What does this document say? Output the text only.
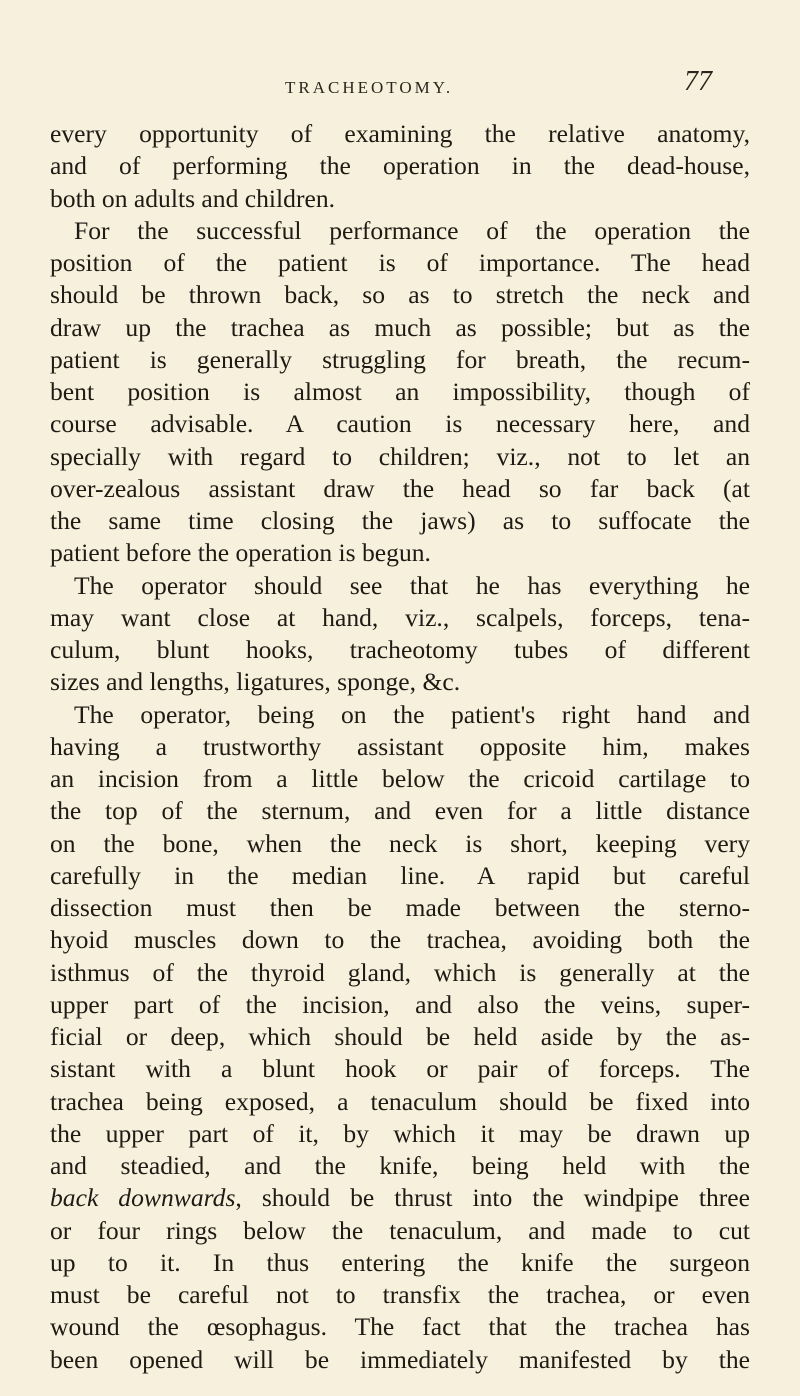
TRACHEOTOMY.	77
every opportunity of examining the relative anatomy,
and of performing the operation in the dead-house,
both on adults and children.
For the successful performance of the operation the
position of the patient is of importance. The head
should be thrown back, so as to stretch the neck and
draw up the trachea as much as possible; but as the
patient is generally struggling for breath, the recum-
bent position is almost an impossibility, though of
course advisable. A caution is necessary here, and
specially with regard to children; viz., not to let an
over-zealous assistant draw the head so far back (at
the same time closing the jaws) as to suffocate the
patient before the operation is begun.
The operator should see that he has everything he
may want close at hand, viz., scalpels, forceps, tena-
culum, blunt hooks, tracheotomy tubes of different
sizes and lengths, ligatures, sponge, &c.
The operator, being on the patient's right hand and
having a trustworthy assistant opposite him, makes
an incision from a little below the cricoid cartilage to
the top of the sternum, and even for a little distance
on the bone, when the neck is short, keeping very
carefully in the median line. A rapid but careful
dissection must then be made between the sterno-
hyoid muscles down to the trachea, avoiding both the
isthmus of the thyroid gland, which is generally at the
upper part of the incision, and also the veins, super-
ficial or deep, which should be held aside by the as-
sistant with a blunt hook or pair of forceps. The
trachea being exposed, a tenaculum should be fixed into
the upper part of it, by which it may be drawn up
and steadied, and the knife, being held with the
back downwards, should be thrust into the windpipe three
or four rings below the tenaculum, and made to cut
up to it. In thus entering the knife the surgeon
must be careful not to transfix the trachea, or even
wound the œsophagus. The fact that the trachea has
been opened will be immediately manifested by the
